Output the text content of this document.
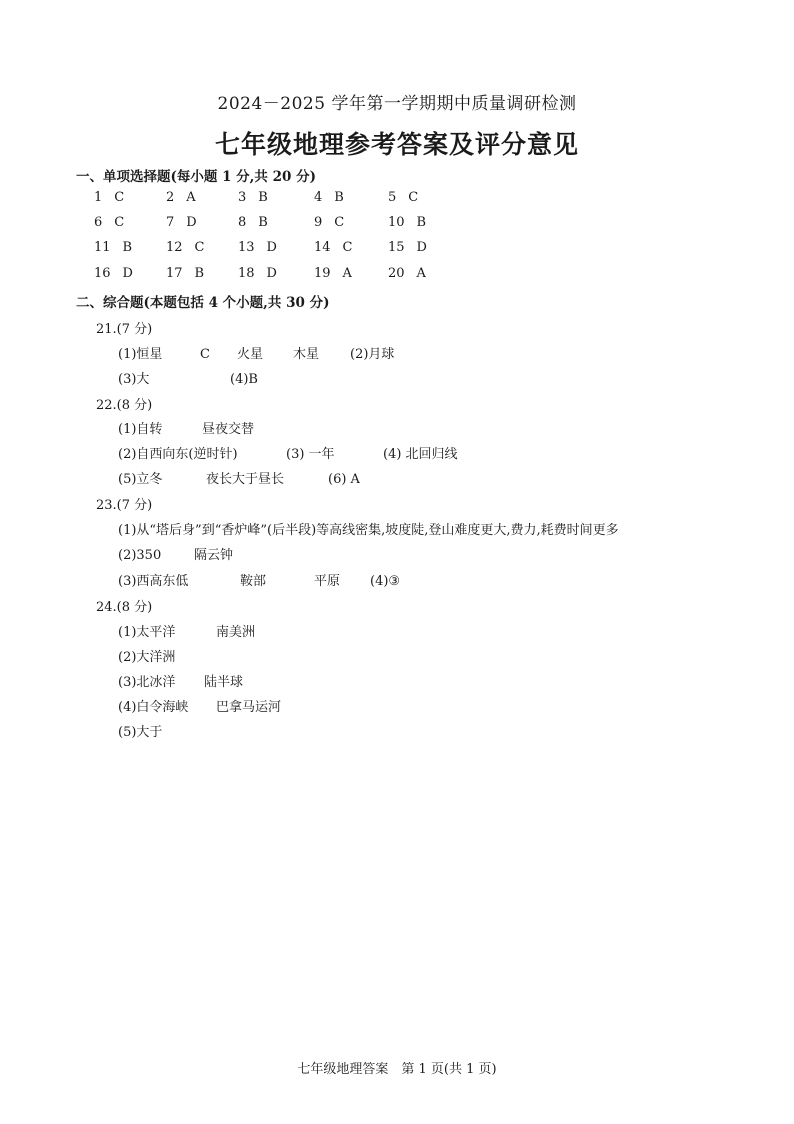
2024－2025 学年第一学期期中质量调研检测
七年级地理参考答案及评分意见
一、单项选择题(每小题 1 分,共 20 分)
1 C	2 A	3 B	4 B	5 C
6 C	7 D	8 B	9 C	10 B
11 B	12 C	13 D	14 C	15 D
16 D	17 B	18 D	19 A	20 A
二、综合题(本题包括 4 个小题,共 30 分)
21.(7 分)
(1)恒星	C 火星 木星 (2)月球
(3)大	(4)B
22.(8 分)
(1)自转	昼夜交替
(2)自西向东(逆时针)	(3) 一年	(4) 北回归线
(5)立冬	夜长大于昼长	(6) A
23.(7 分)
(1)从“塔后身”到“香炉峰”(后半段)等高线密集,坡度陡,登山难度更大,费力,耗费时间更多
(2)350	隔云钟
(3)西高东低	鞍部	平原 (4)③
24.(8 分)
(1)太平洋	南美洲
(2)大洋洲
(3)北冰洋 陆半球
(4)白令海峡 巴拿马运河
(5)大于
七年级地理答案　第 1 页(共 1 页)
